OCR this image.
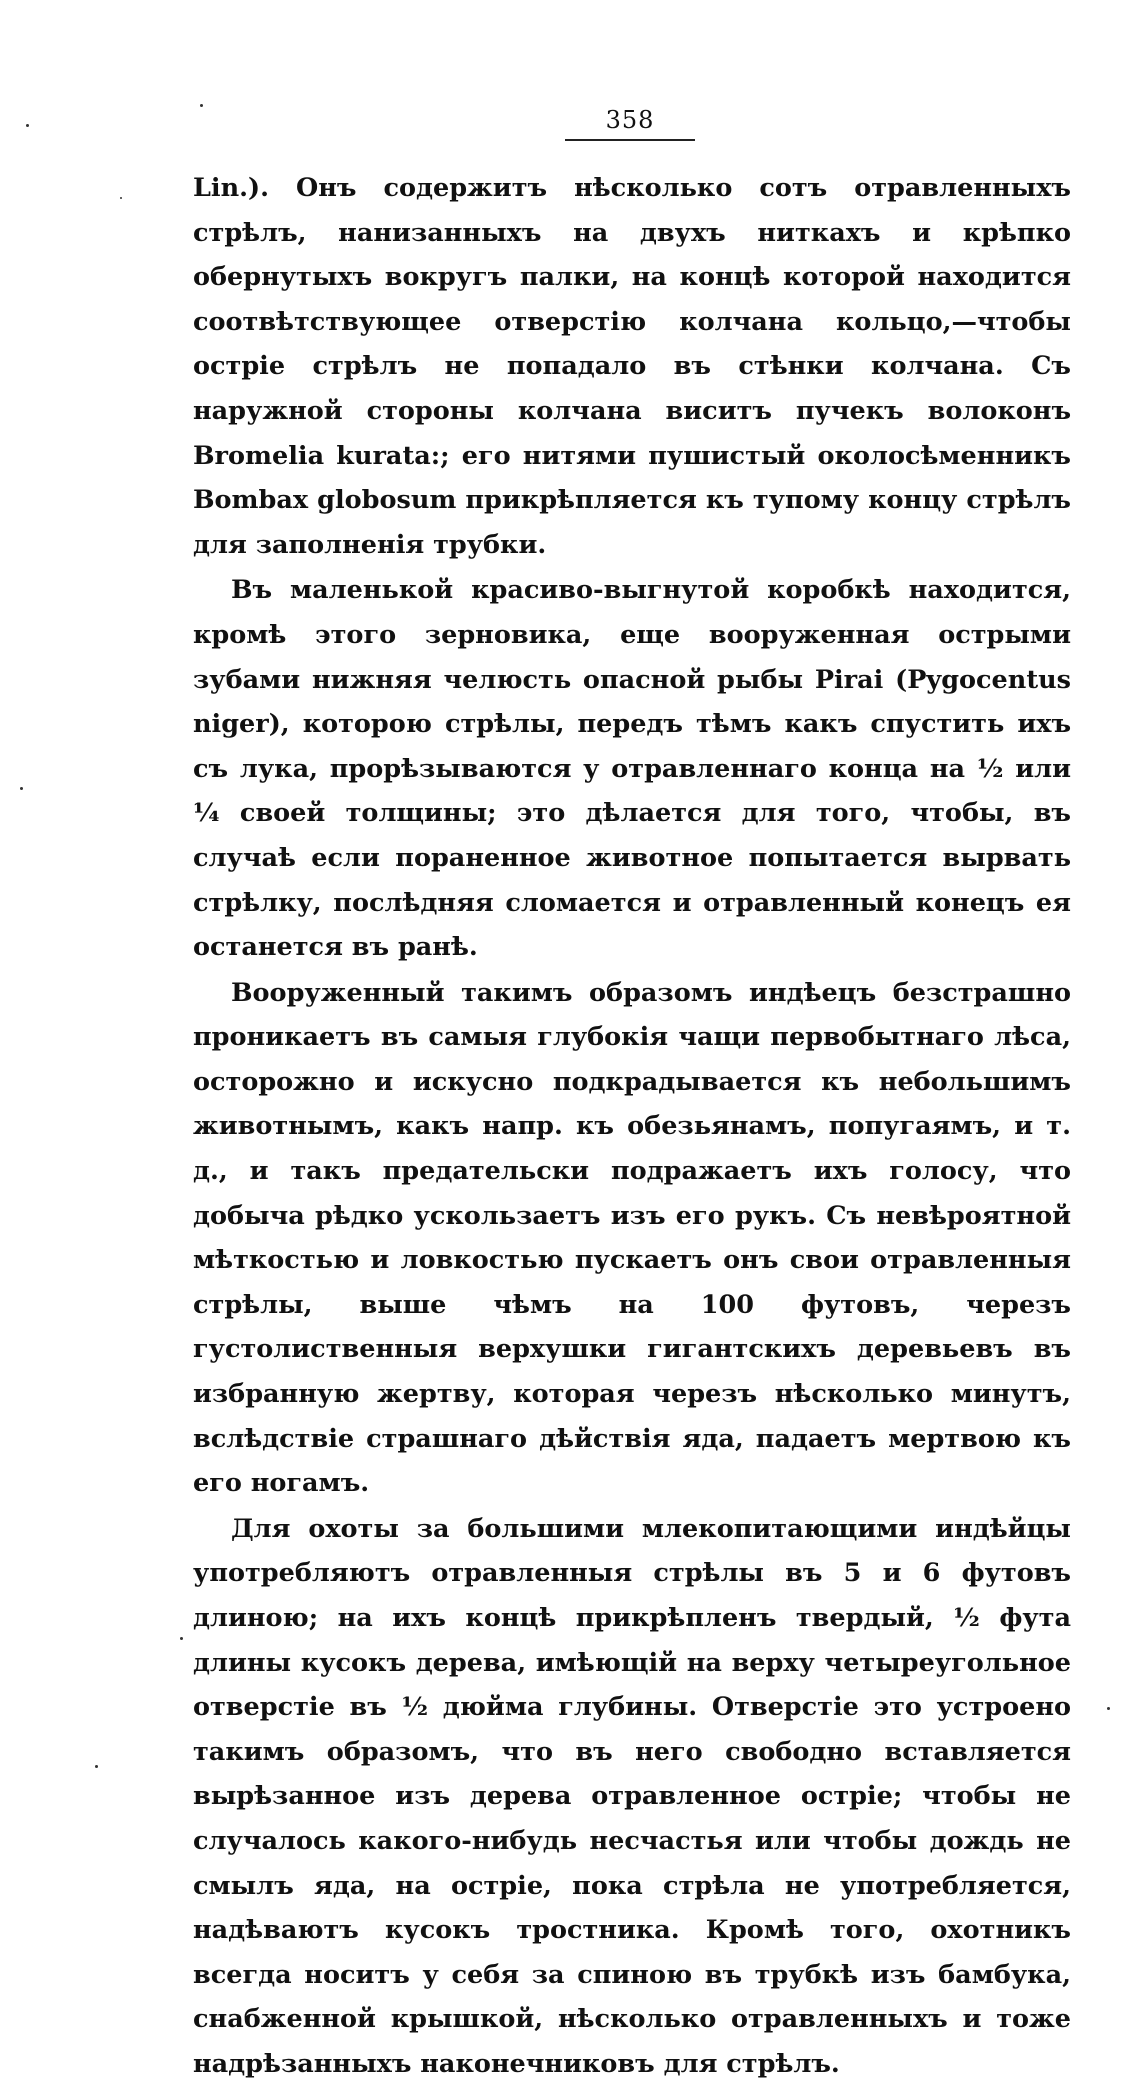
358

Lin.). Онъ содержитъ нѣсколько сотъ отравленныхъ стрѣлъ, нанизанныхъ на двухъ ниткахъ и крѣпко обернутыхъ вокругъ палки, на концѣ которой находится соотвѣтствующее отверстію колчана кольцо,—чтобы остріе стрѣлъ не попадало въ стѣнки колчана. Съ наружной стороны колчана виситъ пучекъ волоконъ Bromelia kurata:; его нитями пушистый околосѣменникъ Bombax globosum прикрѣпляется къ тупому концу стрѣлъ для заполненія трубки.

Въ маленькой красиво-выгнутой коробкѣ находится, кромѣ этого зерновика, еще вооруженная острыми зубами нижняя челюсть опасной рыбы Pirai (Pygocentus niger), которою стрѣлы, передъ тѣмъ какъ спустить ихъ съ лука, прорѣзываются у отравленнаго конца на ½ или ¼ своей толщины; это дѣлается для того, чтобы, въ случаѣ если пораненное животное попытается вырвать стрѣлку, послѣдняя сломается и отравленный конецъ ея останется въ ранѣ.

Вооруженный такимъ образомъ индѣецъ безстрашно проникаетъ въ самыя глубокія чащи первобытнаго лѣса, осторожно и искусно подкрадывается къ небольшимъ животнымъ, какъ напр. къ обезьянамъ, попугаямъ, и т. д., и такъ предательски подражаетъ ихъ голосу, что добыча рѣдко ускользаетъ изъ его рукъ. Съ невѣроятной мѣткостью и ловкостью пускаетъ онъ свои отравленныя стрѣлы, выше чѣмъ на 100 футовъ, черезъ густолиственныя верхушки гигантскихъ деревьевъ въ избранную жертву, которая черезъ нѣсколько минутъ, вслѣдствіе страшнаго дѣйствія яда, падаетъ мертвою къ его ногамъ.

Для охоты за большими млекопитающими индѣйцы употребляютъ отравленныя стрѣлы въ 5 и 6 футовъ длиною; на ихъ концѣ прикрѣпленъ твердый, ½ фута длины кусокъ дерева, имѣющій на верху четыреугольное отверстіе въ ½ дюйма глубины. Отверстіе это устроено такимъ образомъ, что въ него свободно вставляется вырѣзанное изъ дерева отравленное остріе; чтобы не случалось какого-нибудь несчастья или чтобы дождь не смылъ яда, на остріе, пока стрѣла не употребляется, надѣваютъ кусокъ тростника. Кромѣ того, охотникъ всегда носитъ у себя за спиною въ трубкѣ изъ бамбука, снабженной крышкой, нѣсколько отравленныхъ и тоже надрѣзанныхъ наконечниковъ для стрѣлъ.
